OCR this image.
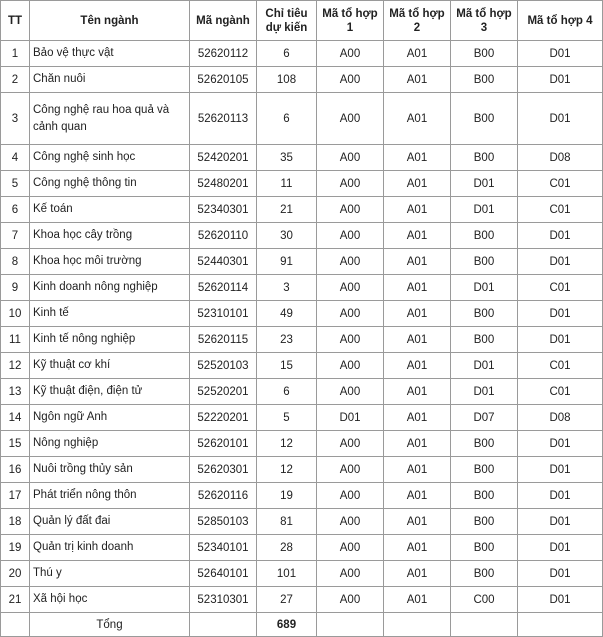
TT	Tên ngành	Mã ngành	Chỉ tiêu dự kiến	Mã tổ hợp 1	Mã tổ hợp 2	Mã tổ hợp 3	Mã tổ hợp 4
1	Bảo vệ thực vật	52620112	6	A00	A01	B00	D01
2	Chăn nuôi	52620105	108	A00	A01	B00	D01
3	Công nghệ rau hoa quả và cảnh quan	52620113	6	A00	A01	B00	D01
4	Công nghệ sinh học	52420201	35	A00	A01	B00	D08
5	Công nghệ thông tin	52480201	11	A00	A01	D01	C01
6	Kế toán	52340301	21	A00	A01	D01	C01
7	Khoa học cây trồng	52620110	30	A00	A01	B00	D01
8	Khoa học môi trường	52440301	91	A00	A01	B00	D01
9	Kinh doanh nông nghiệp	52620114	3	A00	A01	D01	C01
10	Kinh tế	52310101	49	A00	A01	B00	D01
11	Kinh tế nông nghiệp	52620115	23	A00	A01	B00	D01
12	Kỹ thuật cơ khí	52520103	15	A00	A01	D01	C01
13	Kỹ thuật điện, điện tử	52520201	6	A00	A01	D01	C01
14	Ngôn ngữ Anh	52220201	5	D01	A01	D07	D08
15	Nông nghiệp	52620101	12	A00	A01	B00	D01
16	Nuôi trồng thủy sản	52620301	12	A00	A01	B00	D01
17	Phát triển nông thôn	52620116	19	A00	A01	B00	D01
18	Quản lý đất đai	52850103	81	A00	A01	B00	D01
19	Quản trị kinh doanh	52340101	28	A00	A01	B00	D01
20	Thú y	52640101	101	A00	A01	B00	D01
21	Xã hội học	52310301	27	A00	A01	C00	D01
	Tổng		689				
